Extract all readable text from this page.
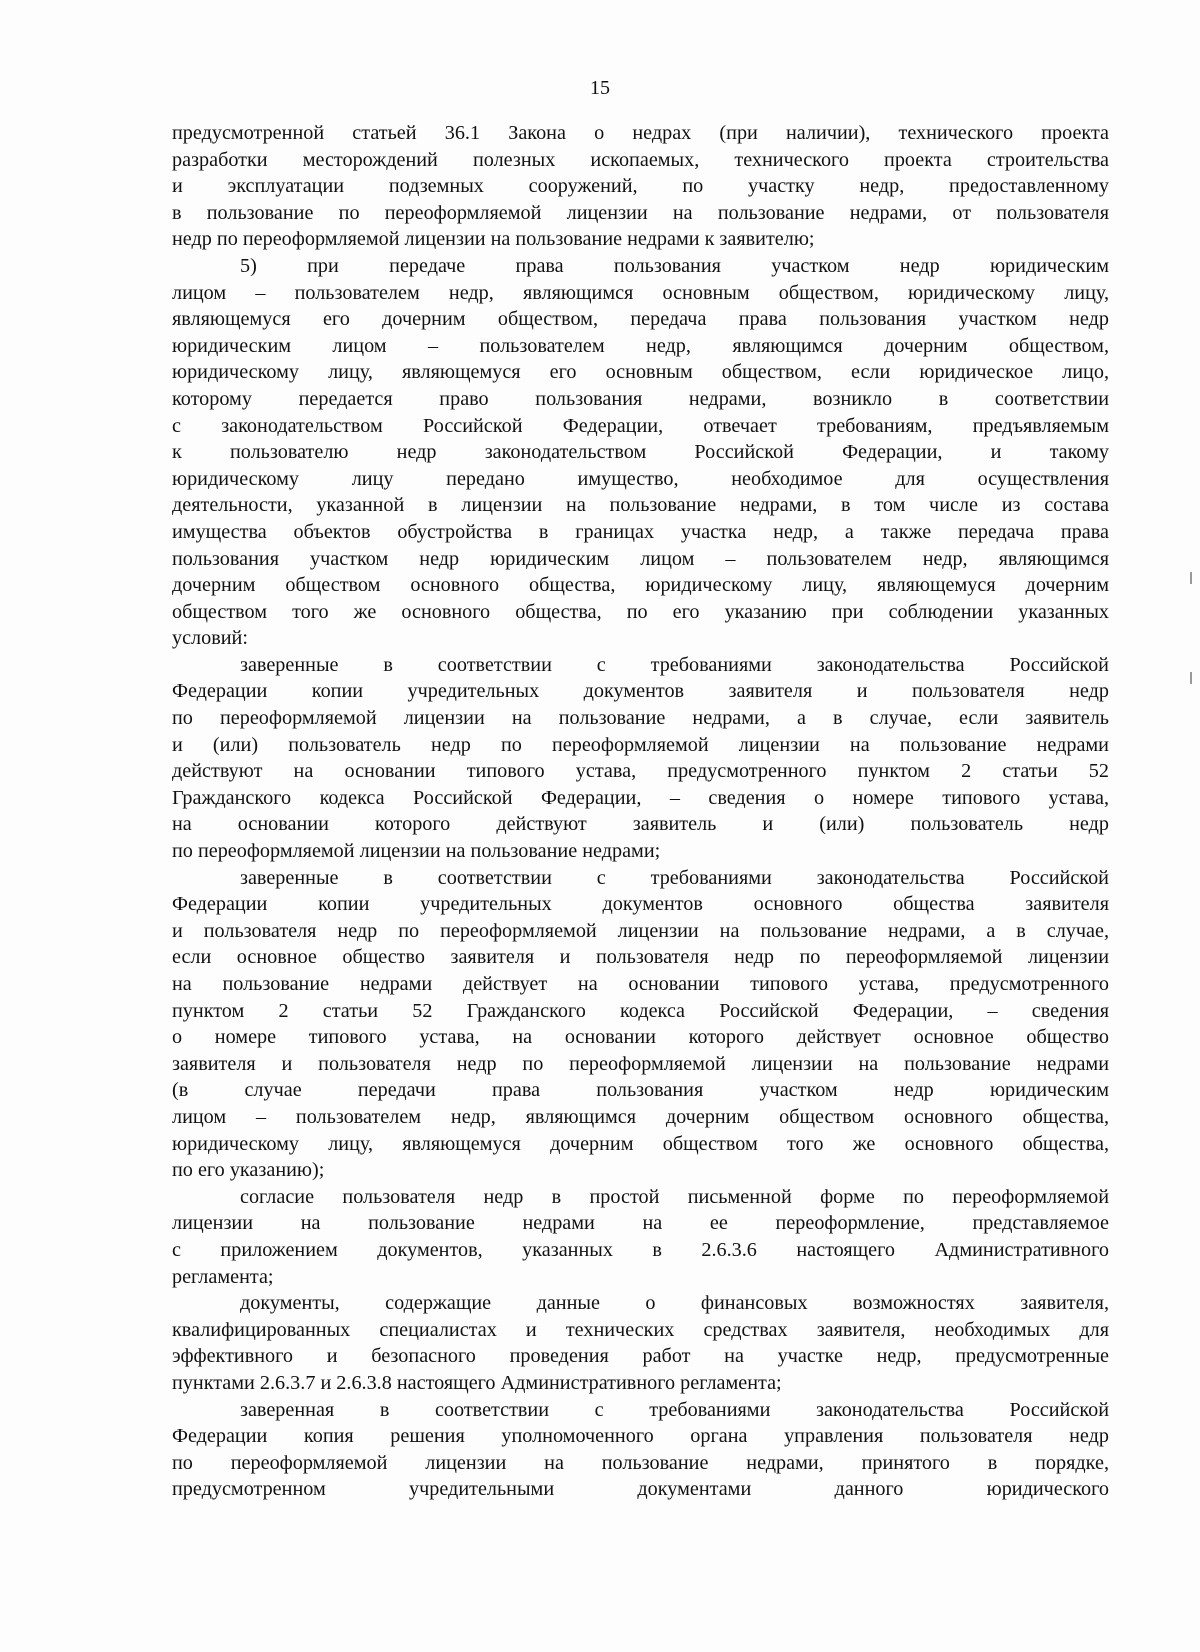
15
предусмотренной статьей 36.1 Закона о недрах (при наличии), технического проекта
разработки месторождений полезных ископаемых, технического проекта строительства
и эксплуатации подземных сооружений, по участку недр, предоставленному
в пользование по переоформляемой лицензии на пользование недрами, от пользователя
недр по переоформляемой лицензии на пользование недрами к заявителю;
5) при передаче права пользования участком недр юридическим
лицом – пользователем недр, являющимся основным обществом, юридическому лицу,
являющемуся его дочерним обществом, передача права пользования участком недр
юридическим лицом – пользователем недр, являющимся дочерним обществом,
юридическому лицу, являющемуся его основным обществом, если юридическое лицо,
которому передается право пользования недрами, возникло в соответствии
с законодательством Российской Федерации, отвечает требованиям, предъявляемым
к пользователю недр законодательством Российской Федерации, и такому
юридическому лицу передано имущество, необходимое для осуществления
деятельности, указанной в лицензии на пользование недрами, в том числе из состава
имущества объектов обустройства в границах участка недр, а также передача права
пользования участком недр юридическим лицом – пользователем недр, являющимся
дочерним обществом основного общества, юридическому лицу, являющемуся дочерним
обществом того же основного общества, по его указанию при соблюдении указанных
условий:
заверенные в соответствии с требованиями законодательства Российской
Федерации копии учредительных документов заявителя и пользователя недр
по переоформляемой лицензии на пользование недрами, а в случае, если заявитель
и (или) пользователь недр по переоформляемой лицензии на пользование недрами
действуют на основании типового устава, предусмотренного пунктом 2 статьи 52
Гражданского кодекса Российской Федерации, – сведения о номере типового устава,
на основании которого действуют заявитель и (или) пользователь недр
по переоформляемой лицензии на пользование недрами;
заверенные в соответствии с требованиями законодательства Российской
Федерации копии учредительных документов основного общества заявителя
и пользователя недр по переоформляемой лицензии на пользование недрами, а в случае,
если основное общество заявителя и пользователя недр по переоформляемой лицензии
на пользование недрами действует на основании типового устава, предусмотренного
пунктом 2 статьи 52 Гражданского кодекса Российской Федерации, – сведения
о номере типового устава, на основании которого действует основное общество
заявителя и пользователя недр по переоформляемой лицензии на пользование недрами
(в случае передачи права пользования участком недр юридическим
лицом – пользователем недр, являющимся дочерним обществом основного общества,
юридическому лицу, являющемуся дочерним обществом того же основного общества,
по его указанию);
согласие пользователя недр в простой письменной форме по переоформляемой
лицензии на пользование недрами на ее переоформление, представляемое
с приложением документов, указанных в 2.6.3.6 настоящего Административного
регламента;
документы, содержащие данные о финансовых возможностях заявителя,
квалифицированных специалистах и технических средствах заявителя, необходимых для
эффективного и безопасного проведения работ на участке недр, предусмотренные
пунктами 2.6.3.7 и 2.6.3.8 настоящего Административного регламента;
заверенная в соответствии с требованиями законодательства Российской
Федерации копия решения уполномоченного органа управления пользователя недр
по переоформляемой лицензии на пользование недрами, принятого в порядке,
предусмотренном учредительными документами данного юридического
